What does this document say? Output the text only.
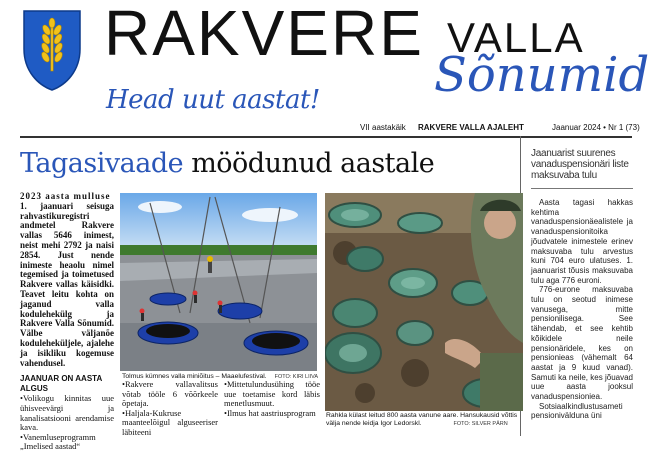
RAKVERE VALLA
Sõnumid
Head uut aastat!
VII aastakäik RAKVERE VALLA AJALEHT	Jaanuar 2024 • Nr 1 (73)
Tagasivaade möödunud aastale

2023 aasta mulluse

1. jaanuari seisuga rahvastikuregistri andmetel Rakvere vallas 5646 inimest, neist mehi 2792 ja naisi 2854. Just nende inimeste heaolu nimel tegemised ja toimetused Rakvere vallas käisidki. Teavet leitu kohta on jaganud valla kodulehekülg ja Rakvere Valla Sõnumid. Välbe väljanõe koduleheküljele, ajalehe ja isikliku kogemuse vahendusel.

JAANUAR ON AASTA ALGUS

•Volikogu kinnitas uue ühisveevärgi ja kanalisatsiooni arendamise kava.

•Vanemluseprogramm „Imelised aastad“

Tolmus kümnes valla miniõitus – Maaelufestival. FOTO: KIRI LIIVA

•Rakvere vallavalitsus võtab tööle 6 võõrkeele õpetaja.

•Haljala-Kukruse maanteelõigul alguseeriser läbiteeni

•Mittetulundusühing tööe uue toetamise kord läbis menetlusmuut.

•Ilmus hat aastriusprogram	Rahkla külast leitud 800 aasta vanune aare. Hansukausid võttis
välja nende leidja Igor Ledorskl.	FOTO: SILVER PÄRN
Jaanuarist suurenes vanaduspensionäri liste maksuvaba tulu

Aasta tagasi hakkas kehtima vanaduspensionäealistele ja vanaduspensionitoika jõudvatele inimestele erinev maksuvaba tulu arvestus kuni 704 euro ulatuses. 1. jaanuarist tõusis maksuvaba tulu aga 776 euroni.

776-eurone maksuvaba tulu on seotud inimese vanusega, mitte pensionilisega. See tähendab, et see kehtib kõikidele neile pensionäridele, kes on pensionieas (vähemalt 64 aastat ja 9 kuud vanad). Samuti ka neile, kes jõuavad uue aasta jooksul vanaduspensioniea.

Sotsiaalkindlustusameti pensionivälduna üni
